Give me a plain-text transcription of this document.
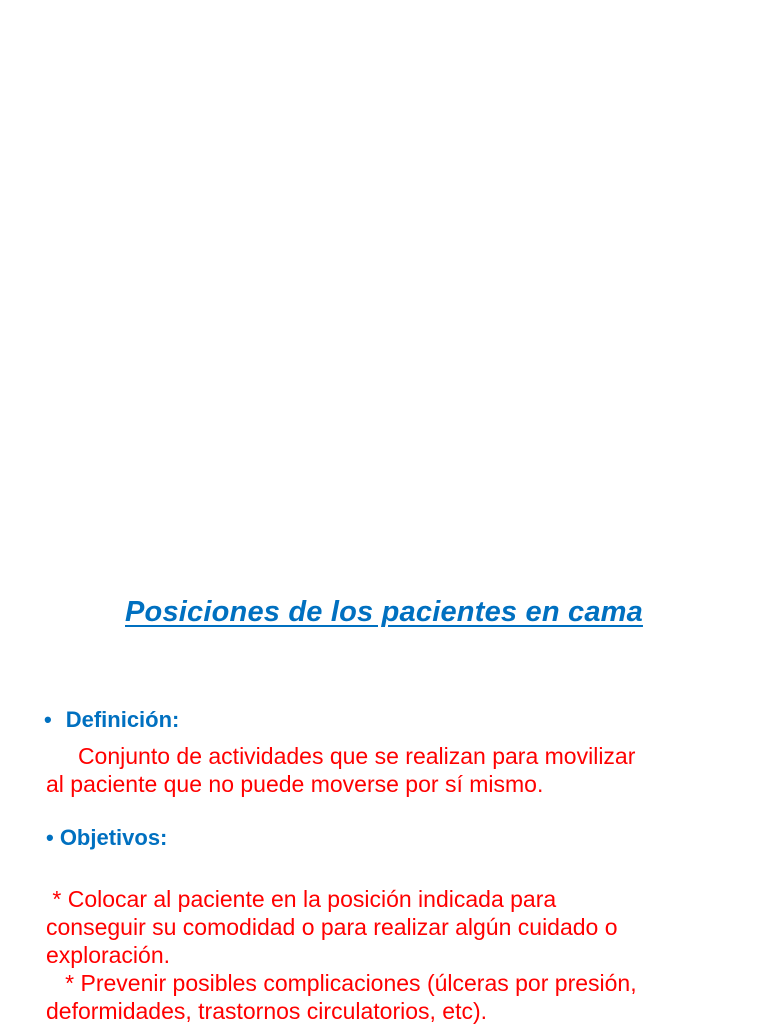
Posiciones de los pacientes en cama
• Definición:
Conjunto de actividades que se realizan para movilizar
al paciente que no puede moverse por sí mismo.
• Objetivos:
* Colocar al paciente en la posición indicada para
conseguir su comodidad o para realizar algún cuidado o
exploración.
* Prevenir posibles complicaciones (úlceras por presión,
deformidades, trastornos circulatorios, etc).
